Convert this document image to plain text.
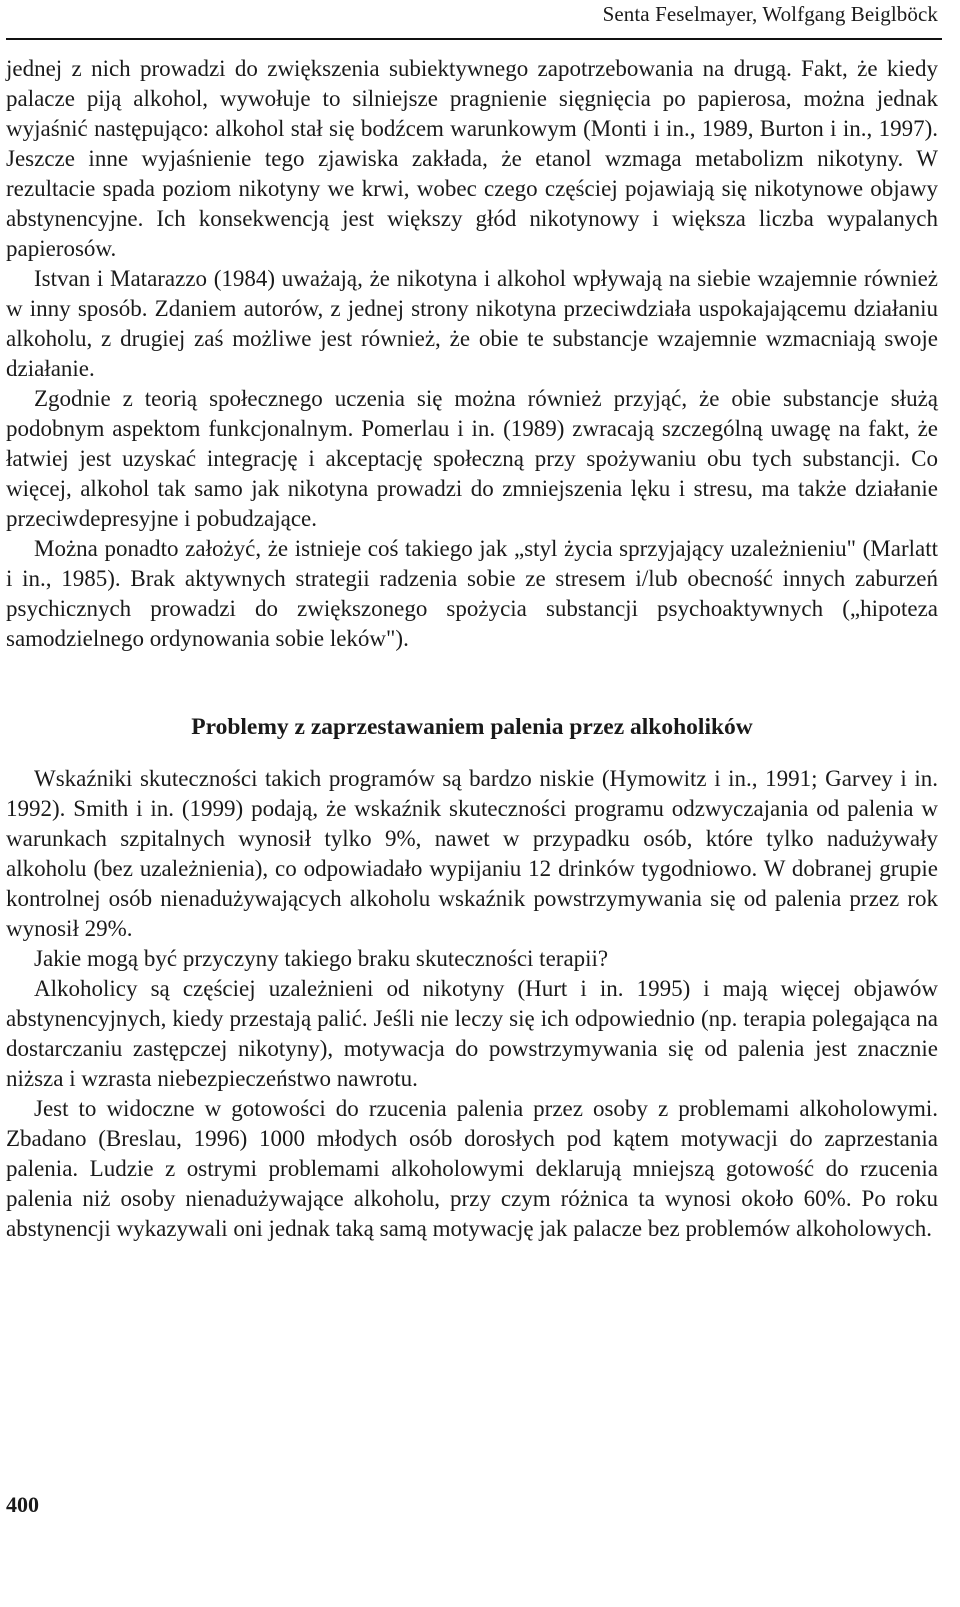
Senta Feselmayer, Wolfgang Beiglböck

jednej z nich prowadzi do zwiększenia subiektywnego zapotrzebowania na drugą. Fakt, że kiedy palacze piją alkohol, wywołuje to silniejsze pragnienie sięgnięcia po papierosa, można jednak wyjaśnić następująco: alkohol stał się bodźcem warunkowym (Monti i in., 1989, Burton i in., 1997). Jeszcze inne wyjaśnienie tego zjawiska zakłada, że etanol wzmaga metabolizm nikotyny. W rezultacie spada poziom nikotyny we krwi, wobec czego częściej pojawiają się nikotynowe objawy abstynencyjne. Ich konsekwencją jest większy głód nikotynowy i większa liczba wypalanych papierosów.

Istvan i Matarazzo (1984) uważają, że nikotyna i alkohol wpływają na siebie wzajemnie również w inny sposób. Zdaniem autorów, z jednej strony nikotyna przeciwdziała uspokajającemu działaniu alkoholu, z drugiej zaś możliwe jest również, że obie te substancje wzajemnie wzmacniają swoje działanie.

Zgodnie z teorią społecznego uczenia się można również przyjąć, że obie substancje służą podobnym aspektom funkcjonalnym. Pomerlau i in. (1989) zwracają szczególną uwagę na fakt, że łatwiej jest uzyskać integrację i akceptację społeczną przy spożywaniu obu tych substancji. Co więcej, alkohol tak samo jak nikotyna prowadzi do zmniejszenia lęku i stresu, ma także działanie przeciwdepresyjne i pobudzające.

Można ponadto założyć, że istnieje coś takiego jak „styl życia sprzyjający uzależnieniu" (Marlatt i in., 1985). Brak aktywnych strategii radzenia sobie ze stresem i/lub obecność innych zaburzeń psychicznych prowadzi do zwiększonego spożycia substancji psychoaktywnych („hipoteza samodzielnego ordynowania sobie leków").

Problemy z zaprzestawaniem palenia przez alkoholików

Wskaźniki skuteczności takich programów są bardzo niskie (Hymowitz i in., 1991; Garvey i in. 1992). Smith i in. (1999) podają, że wskaźnik skuteczności programu odzwyczajania od palenia w warunkach szpitalnych wynosił tylko 9%, nawet w przypadku osób, które tylko nadużywały alkoholu (bez uzależnienia), co odpowiadało wypijaniu 12 drinków tygodniowo. W dobranej grupie kontrolnej osób nienadużywających alkoholu wskaźnik powstrzymywania się od palenia przez rok wynosił 29%.

Jakie mogą być przyczyny takiego braku skuteczności terapii?

Alkoholicy są częściej uzależnieni od nikotyny (Hurt i in. 1995) i mają więcej objawów abstynencyjnych, kiedy przestają palić. Jeśli nie leczy się ich odpowiednio (np. terapia polegająca na dostarczaniu zastępczej nikotyny), motywacja do powstrzymywania się od palenia jest znacznie niższa i wzrasta niebezpieczeństwo nawrotu.

Jest to widoczne w gotowości do rzucenia palenia przez osoby z problemami alkoholowymi. Zbadano (Breslau, 1996) 1000 młodych osób dorosłych pod kątem motywacji do zaprzestania palenia. Ludzie z ostrymi problemami alkoholowymi deklarują mniejszą gotowość do rzucenia palenia niż osoby nienadużywające alkoholu, przy czym różnica ta wynosi około 60%. Po roku abstynencji wykazywali oni jednak taką samą motywację jak palacze bez problemów alkoholowych.

400
